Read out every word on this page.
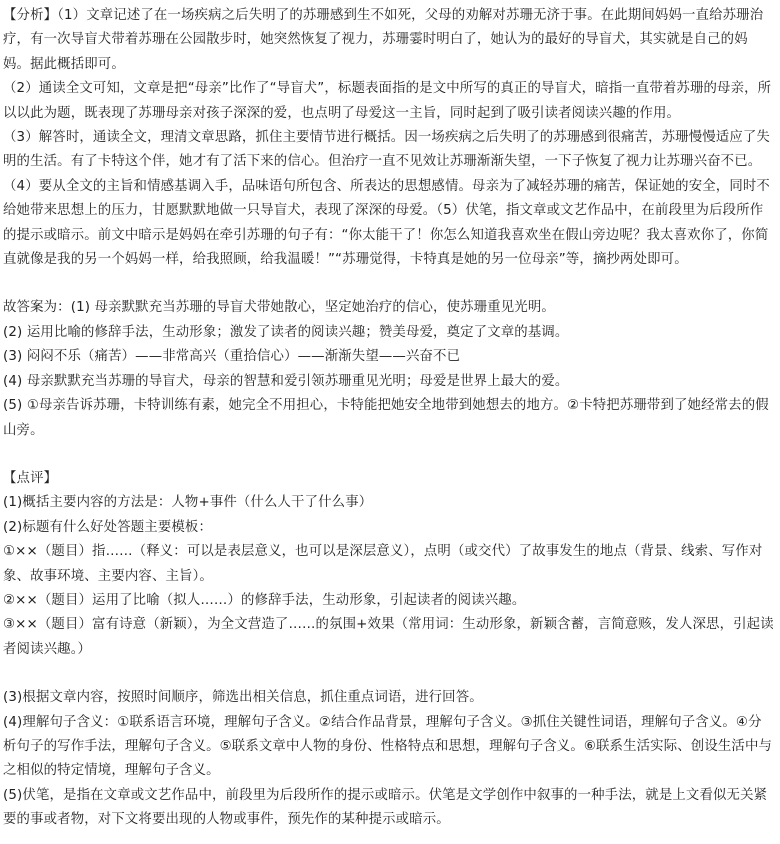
【分析】（1）文章记述了在一场疾病之后失明了的苏珊感到生不如死，父母的劝解对苏珊无济于事。在此期间妈妈一直给苏珊治疗，有一次导盲犬带着苏珊在公园散步时，她突然恢复了视力，苏珊霎时明白了，她认为的最好的导盲犬，其实就是自己的妈妈。据此概括即可。

（2）通读全文可知，文章是把“母亲”比作了“导盲犬”，标题表面指的是文中所写的真正的导盲犬，暗指一直带着苏珊的母亲，所以以此为题，既表现了苏珊母亲对孩子深深的爱，也点明了母爱这一主旨，同时起到了吸引读者阅读兴趣的作用。

（3）解答时，通读全文，理清文章思路，抓住主要情节进行概括。因一场疾病之后失明了的苏珊感到很痛苦，苏珊慢慢适应了失明的生活。有了卡特这个伴，她才有了活下来的信心。但治疗一直不见效让苏珊渐渐失望，一下子恢复了视力让苏珊兴奋不已。

（4）要从全文的主旨和情感基调入手，品味语句所包含、所表达的思想感情。母亲为了减轻苏珊的痛苦，保证她的安全，同时不给她带来思想上的压力，甘愿默默地做一只导盲犬，表现了深深的母爱。（5）伏笔，指文章或文艺作品中，在前段里为后段所作的提示或暗示。前文中暗示是妈妈在牵引苏珊的句子有：“你太能干了！你怎么知道我喜欢坐在假山旁边呢？我太喜欢你了，你简直就像是我的另一个妈妈一样，给我照顾，给我温暖！”“苏珊觉得，卡特真是她的另一位母亲”等，摘抄两处即可。

故答案为：(1) 母亲默默充当苏珊的导盲犬带她散心，坚定她治疗的信心，使苏珊重见光明。

(2) 运用比喻的修辞手法，生动形象；激发了读者的阅读兴趣；赞美母爱，奠定了文章的基调。

(3) 闷闷不乐（痛苦）——非常高兴（重拾信心）——渐渐失望——兴奋不已

(4) 母亲默默充当苏珊的导盲犬，母亲的智慧和爱引领苏珊重见光明；母爱是世界上最大的爱。

(5) ①母亲告诉苏珊，卡特训练有素，她完全不用担心，卡特能把她安全地带到她想去的地方。②卡特把苏珊带到了她经常去的假山旁。

【点评】

(1)概括主要内容的方法是：人物+事件（什么人干了什么事）

(2)标题有什么好处答题主要模板：

①××（题目）指……（释义：可以是表层意义，也可以是深层意义），点明（或交代）了故事发生的地点（背景、线索、写作对象、故事环境、主要内容、主旨）。

②××（题目）运用了比喻（拟人……）的修辞手法，生动形象，引起读者的阅读兴趣。

③××（题目）富有诗意（新颖），为全文营造了……的氛围+效果（常用词：生动形象，新颖含蓄，言简意赅，发人深思，引起读者阅读兴趣。）

(3)根据文章内容，按照时间顺序，筛选出相关信息，抓住重点词语，进行回答。

(4)理解句子含义：①联系语言环境，理解句子含义。②结合作品背景，理解句子含义。③抓住关键性词语，理解句子含义。④分析句子的写作手法，理解句子含义。⑤联系文章中人物的身份、性格特点和思想，理解句子含义。⑥联系生活实际、创设生活中与之相似的特定情境，理解句子含义。

(5)伏笔，是指在文章或文艺作品中，前段里为后段所作的提示或暗示。伏笔是文学创作中叙事的一种手法，就是上文看似无关紧要的事或者物，对下文将要出现的人物或事件，预先作的某种提示或暗示。
